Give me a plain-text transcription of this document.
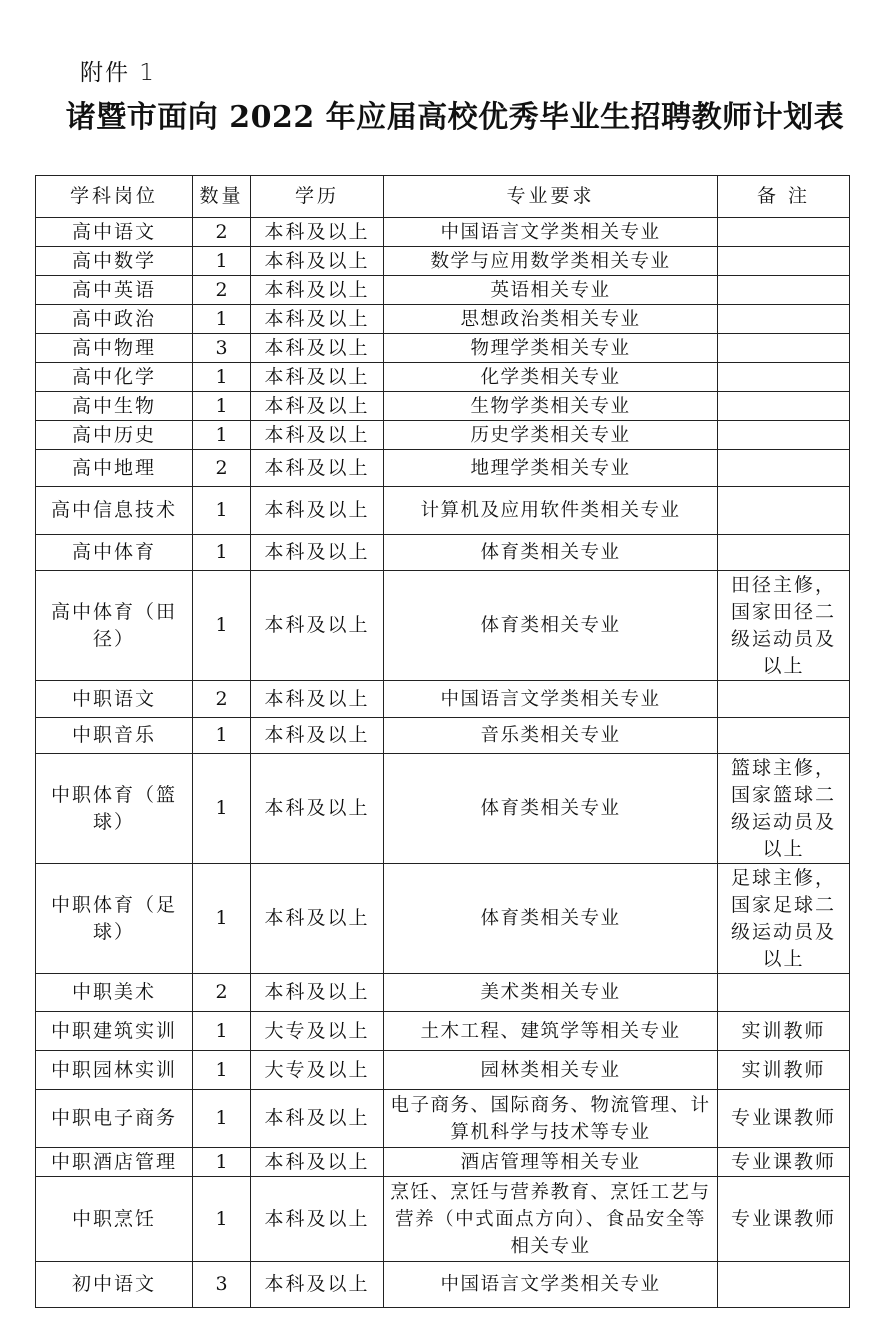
附件 1
诸暨市面向 2022 年应届高校优秀毕业生招聘教师计划表
学科岗位	数量	学历	专业要求	备 注
高中语文	2	本科及以上	中国语言文学类相关专业	
高中数学	1	本科及以上	数学与应用数学类相关专业	
高中英语	2	本科及以上	英语相关专业	
高中政治	1	本科及以上	思想政治类相关专业	
高中物理	3	本科及以上	物理学类相关专业	
高中化学	1	本科及以上	化学类相关专业	
高中生物	1	本科及以上	生物学类相关专业	
高中历史	1	本科及以上	历史学类相关专业	
高中地理	2	本科及以上	地理学类相关专业	
高中信息技术	1	本科及以上	计算机及应用软件类相关专业	
高中体育	1	本科及以上	体育类相关专业	
高中体育（田径）	1	本科及以上	体育类相关专业	田径主修，国家田径二级运动员及以上
中职语文	2	本科及以上	中国语言文学类相关专业	
中职音乐	1	本科及以上	音乐类相关专业	
中职体育（篮球）	1	本科及以上	体育类相关专业	篮球主修，国家篮球二级运动员及以上
中职体育（足球）	1	本科及以上	体育类相关专业	足球主修，国家足球二级运动员及以上
中职美术	2	本科及以上	美术类相关专业	
中职建筑实训	1	大专及以上	土木工程、建筑学等相关专业	实训教师
中职园林实训	1	大专及以上	园林类相关专业	实训教师
中职电子商务	1	本科及以上	电子商务、国际商务、物流管理、计算机科学与技术等专业	专业课教师
中职酒店管理	1	本科及以上	酒店管理等相关专业	专业课教师
中职烹饪	1	本科及以上	烹饪、烹饪与营养教育、烹饪工艺与营养（中式面点方向）、食品安全等相关专业	专业课教师
初中语文	3	本科及以上	中国语言文学类相关专业	
